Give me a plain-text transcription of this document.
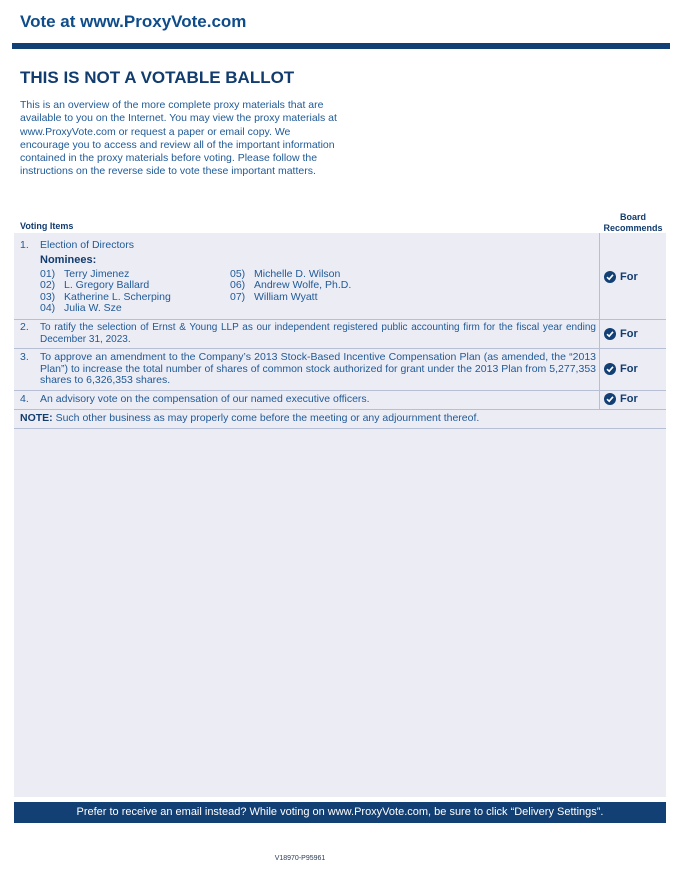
Vote at www.ProxyVote.com
THIS IS NOT A VOTABLE BALLOT
This is an overview of the more complete proxy materials that are available to you on the Internet. You may view the proxy materials at www.ProxyVote.com or request a paper or email copy. We encourage you to access and review all of the important information contained in the proxy materials before voting. Please follow the instructions on the reverse side to vote these important matters.
Voting Items
Board
Recommends
1. Election of Directors
Nominees:
01) Terry Jimenez
02) L. Gregory Ballard
03) Katherine L. Scherping
04) Julia W. Sze
05) Michelle D. Wilson
06) Andrew Wolfe, Ph.D.
07) William Wyatt
For
2. To ratify the selection of Ernst & Young LLP as our independent registered public accounting firm for the fiscal year ending December 31, 2023.	For
3. To approve an amendment to the Company’s 2013 Stock-Based Incentive Compensation Plan (as amended, the “2013 Plan”) to increase the total number of shares of common stock authorized for grant under the 2013 Plan from 5,277,353 shares to 6,326,353 shares.
For
4. An advisory vote on the compensation of our named executive officers.	For
NOTE: Such other business as may properly come before the meeting or any adjournment thereof.
Prefer to receive an email instead? While voting on www.ProxyVote.com, be sure to click “Delivery Settings”.
V18970-P95961
